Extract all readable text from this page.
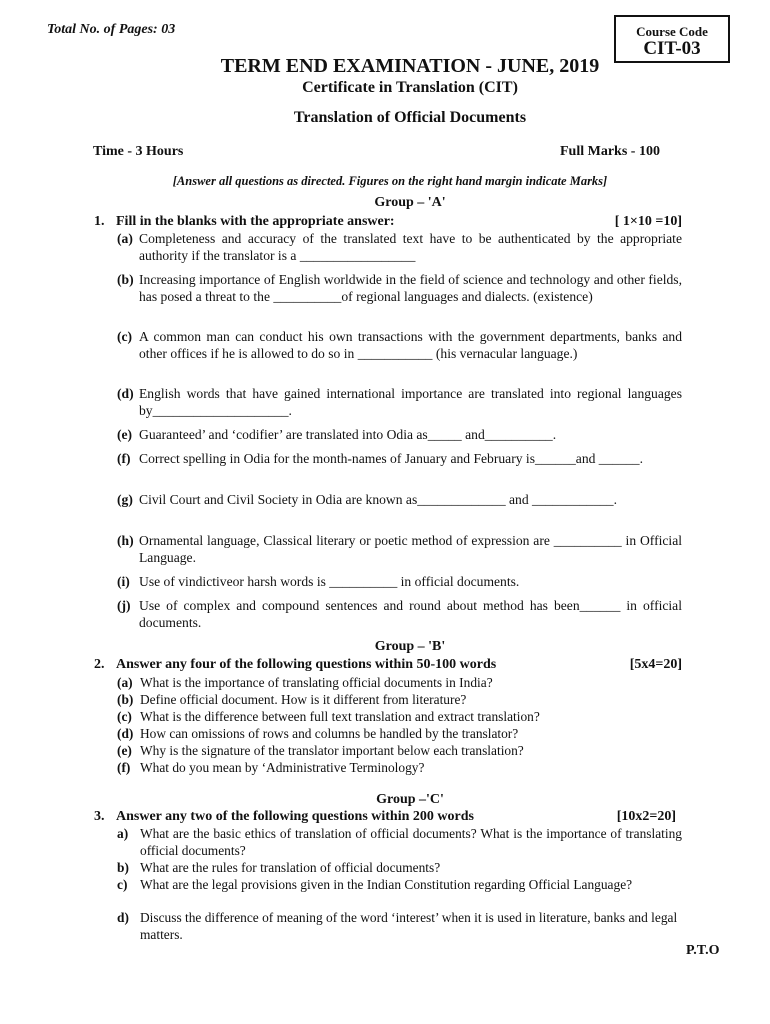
Total No. of Pages: 03	Course Code
CIT-03
TERM END EXAMINATION - JUNE, 2019
Certificate in Translation (CIT)
Translation of Official Documents
Time - 3 Hours	Full Marks - 100
[Answer all questions as directed. Figures on the right hand margin indicate Marks]
Group – 'A'
1. Fill in the blanks with the appropriate answer:	[ 1×10 =10]
(a) Completeness and accuracy of the translated text have to be authenticated by the appropriate authority if the translator is a _________________
(b) Increasing importance of English worldwide in the field of science and technology and other fields, has posed a threat to the __________of regional languages and dialects. (existence)
(c) A common man can conduct his own transactions with the government departments, banks and other offices if he is allowed to do so in ___________ (his vernacular language.)
(d) English words that have gained international importance are translated into regional languages by____________________.
(e) Guaranteed’ and ‘codifier’ are translated into Odia as_____ and__________.
(f) Correct spelling in Odia for the month-names of January and February is______and ______.
(g) Civil Court and Civil Society in Odia are known as_____________ and ____________.
(h) Ornamental language, Classical literary or poetic method of expression are __________ in Official Language.
(i) Use of vindictiveor harsh words is __________ in official documents.
(j) Use of complex and compound sentences and round about method has been______ in official documents.
Group – 'B'
2. Answer any four of the following questions within 50-100 words	[5x4=20]
(a) What is the importance of translating official documents in India?
(b) Define official document. How is it different from literature?
(c) What is the difference between full text translation and extract translation?
(d) How can omissions of rows and columns be handled by the translator?
(e) Why is the signature of the translator important below each translation?
(f) What do you mean by ‘Administrative Terminology?
Group –'C'
3. Answer any two of the following questions within 200 words	[10x2=20]
a) What are the basic ethics of translation of official documents? What is the importance of translating official documents?
b) What are the rules for translation of official documents?
c) What are the legal provisions given in the Indian Constitution regarding Official Language?
d) Discuss the difference of meaning of the word ‘interest’ when it is used in literature, banks and legal matters.
P.T.O
